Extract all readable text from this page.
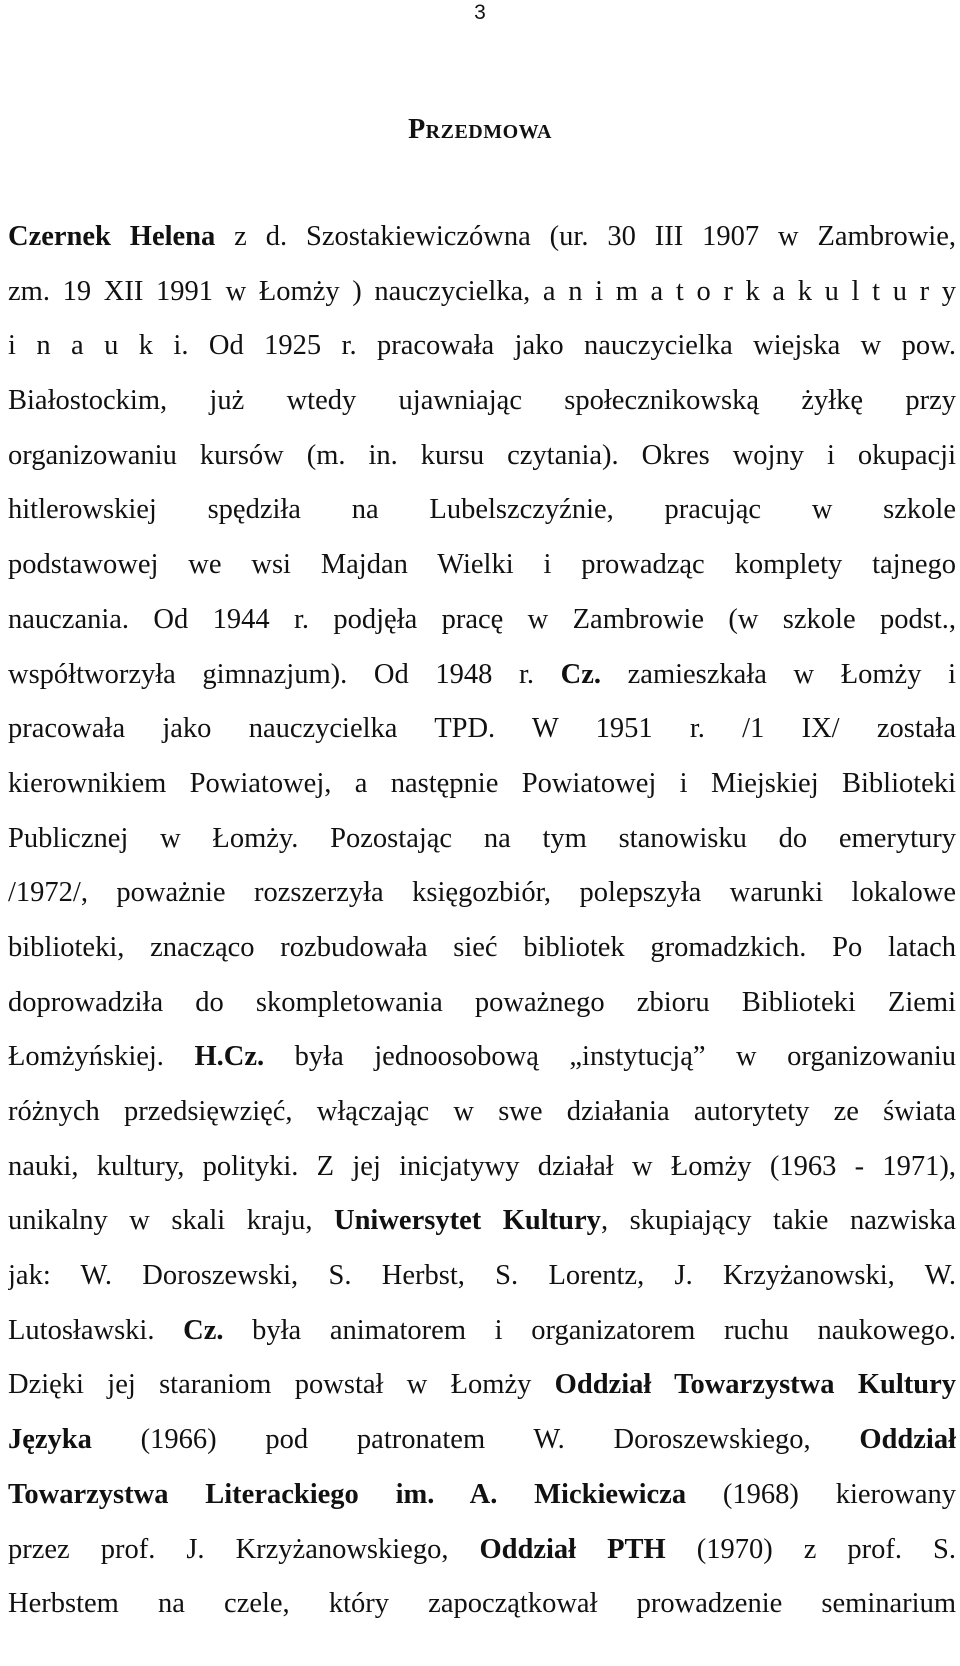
3
Przedmowa
Czernek Helena z d. Szostakiewiczówna (ur. 30 III 1907 w Zambrowie,
zm. 19 XII 1991 w Łomży ) nauczycielka, a n i m a t o r k a k u l t u r y
i n a u k i. Od 1925 r. pracowała jako nauczycielka wiejska w pow.
Białostockim, już wtedy ujawniając społecznikowską żyłkę przy
organizowaniu kursów (m. in. kursu czytania). Okres wojny i okupacji
hitlerowskiej spędziła na Lubelszczyźnie, pracując w szkole
podstawowej we wsi Majdan Wielki i prowadząc komplety tajnego
nauczania. Od 1944 r. podjęła pracę w Zambrowie (w szkole podst.,
współtworzyła gimnazjum). Od 1948 r. Cz. zamieszkała w Łomży i
pracowała jako nauczycielka TPD. W 1951 r. /1 IX/ została
kierownikiem Powiatowej, a następnie Powiatowej i Miejskiej Biblioteki
Publicznej w Łomży. Pozostając na tym stanowisku do emerytury
/1972/, poważnie rozszerzyła księgozbiór, polepszyła warunki lokalowe
biblioteki, znacząco rozbudowała sieć bibliotek gromadzkich. Po latach
doprowadziła do skompletowania poważnego zbioru Biblioteki Ziemi
Łomżyńskiej. H.Cz. była jednoosobową „instytucją” w organizowaniu
różnych przedsięwzięć, włączając w swe działania autorytety ze świata
nauki, kultury, polityki. Z jej inicjatywy działał w Łomży (1963 - 1971),
unikalny w skali kraju, Uniwersytet Kultury, skupiający takie nazwiska
jak: W. Doroszewski, S. Herbst, S. Lorentz, J. Krzyżanowski, W.
Lutosławski. Cz. była animatorem i organizatorem ruchu naukowego.
Dzięki jej staraniom powstał w Łomży Oddział Towarzystwa Kultury
Języka (1966) pod patronatem W. Doroszewskiego, Oddział
Towarzystwa Literackiego im. A. Mickiewicza (1968) kierowany
przez prof. J. Krzyżanowskiego, Oddział PTH (1970) z prof. S.
Herbstem na czele, który zapoczątkował prowadzenie seminarium
